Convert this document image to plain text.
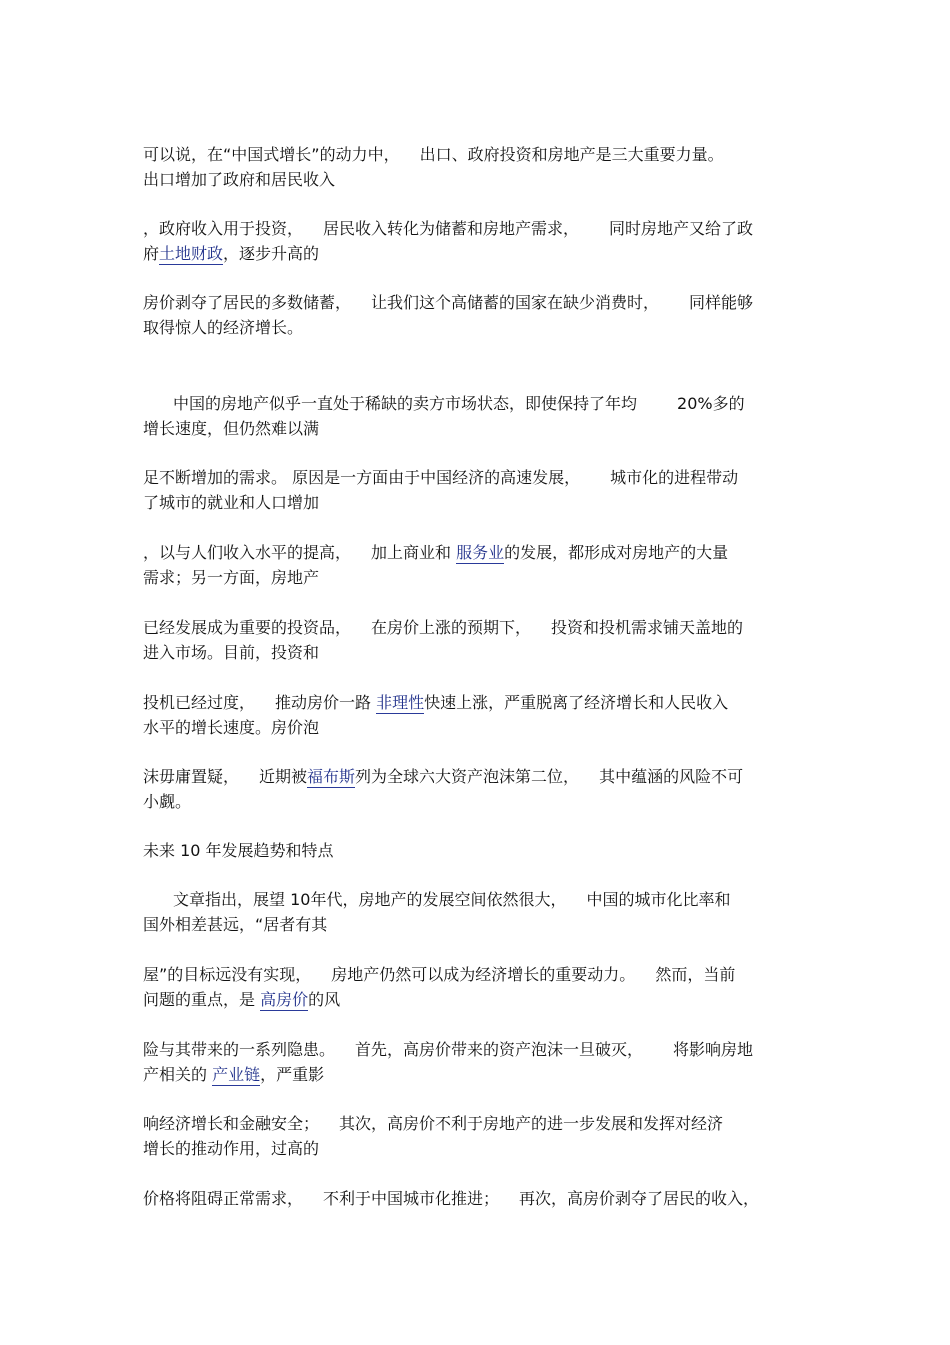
可以说，在“中国式增长”的动力中， 出口、政府投资和房地产是三大重要力量。

出口增加了政府和居民收入

，政府收入用于投资， 居民收入转化为储蓄和房地产需求， 同时房地产又给了政

府土地财政，逐步升高的

房价剥夺了居民的多数储蓄， 让我们这个高储蓄的国家在缺少消费时， 同样能够

取得惊人的经济增长。

中国的房地产似乎一直处于稀缺的卖方市场状态，即使保持了年均	20%多的

增长速度，但仍然难以满

足不断增加的需求。 原因是一方面由于中国经济的高速发展， 城市化的进程带动

了城市的就业和人口增加

，以与人们收入水平的提高， 加上商业和 服务业的发展，都形成对房地产的大量

需求；另一方面，房地产

已经发展成为重要的投资品， 在房价上涨的预期下， 投资和投机需求铺天盖地的

进入市场。目前，投资和

投机已经过度， 推动房价一路 非理性快速上涨，严重脱离了经济增长和人民收入

水平的增长速度。房价泡

沫毋庸置疑， 近期被福布斯列为全球六大资产泡沫第二位， 其中蕴涵的风险不可

小觑。

未来 10 年发展趋势和特点

文章指出，展望 10年代，房地产的发展空间依然很大， 中国的城市化比率和

国外相差甚远，“居者有其

屋”的目标远没有实现， 房地产仍然可以成为经济增长的重要动力。 然而，当前

问题的重点，是 高房价的风

险与其带来的一系列隐患。 首先，高房价带来的资产泡沫一旦破灭， 将影响房地

产相关的 产业链，严重影

响经济增长和金融安全； 其次，高房价不利于房地产的进一步发展和发挥对经济

增长的推动作用，过高的

价格将阻碍正常需求， 不利于中国城市化推进； 再次，高房价剥夺了居民的收入，
